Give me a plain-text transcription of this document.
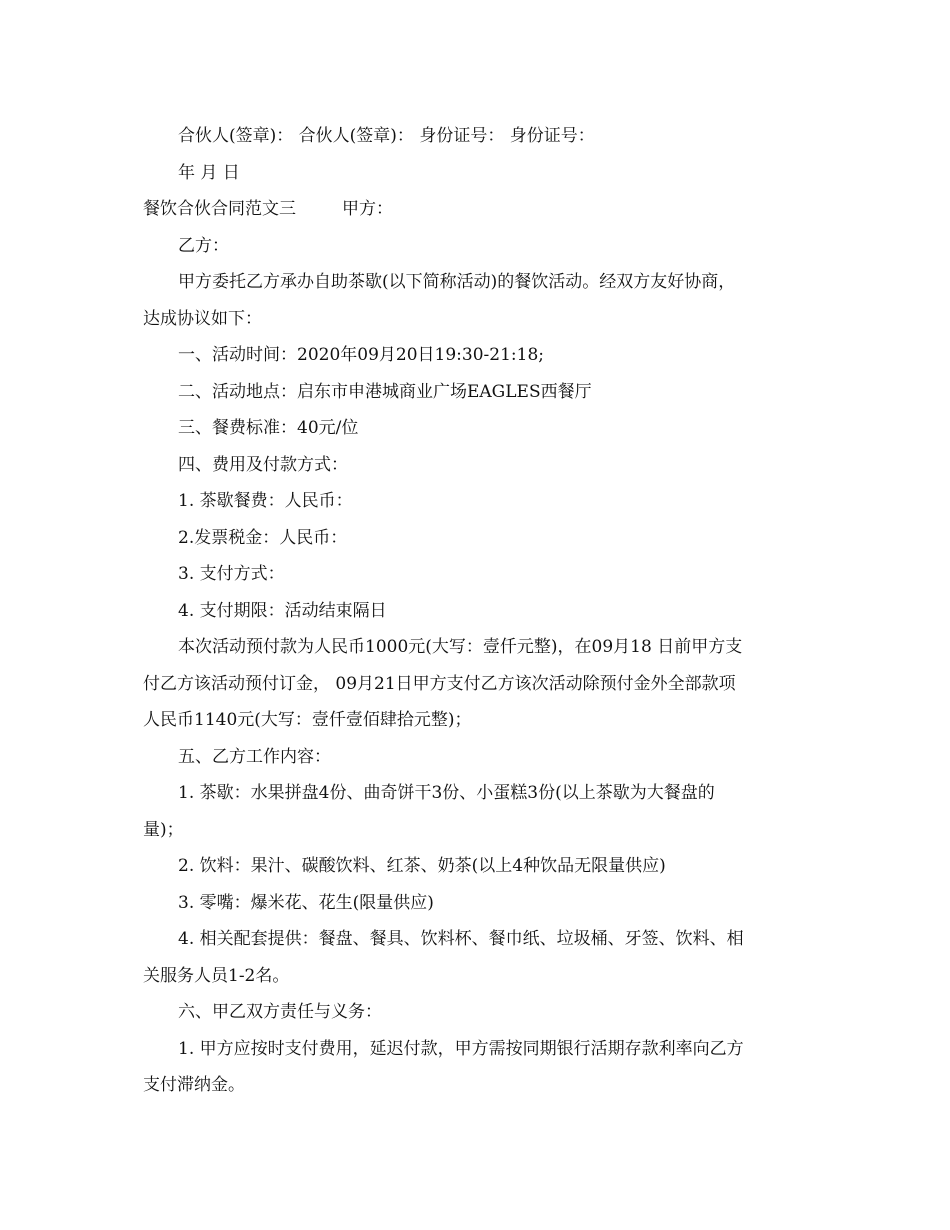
合伙人(签章)： 合伙人(签章)： 身份证号： 身份证号：
年 月 日
餐饮合伙合同范文三	甲方：
乙方：
甲方委托乙方承办自助茶歇(以下简称活动)的餐饮活动。经双方友好协商，
达成协议如下：
一、活动时间：2020年09月20日19:30-21:18;
二、活动地点：启东市申港城商业广场EAGLES西餐厅
三、餐费标准：40元/位
四、费用及付款方式：
1. 茶歇餐费：人民币：
2.发票税金：人民币：
3. 支付方式：
4. 支付期限：活动结束隔日
本次活动预付款为人民币1000元(大写：壹仟元整)，在09月18 日前甲方支
付乙方该活动预付订金， 09月21日甲方支付乙方该次活动除预付金外全部款项
人民币1140元(大写：壹仟壹佰肆拾元整)；
五、乙方工作内容：
1. 茶歇：水果拼盘4份、曲奇饼干3份、小蛋糕3份(以上茶歇为大餐盘的
量)；
2. 饮料：果汁、碳酸饮料、红茶、奶茶(以上4种饮品无限量供应)
3. 零嘴：爆米花、花生(限量供应)
4. 相关配套提供：餐盘、餐具、饮料杯、餐巾纸、垃圾桶、牙签、饮料、相
关服务人员1-2名。
六、甲乙双方责任与义务：
1. 甲方应按时支付费用，延迟付款，甲方需按同期银行活期存款利率向乙方
支付滞纳金。
